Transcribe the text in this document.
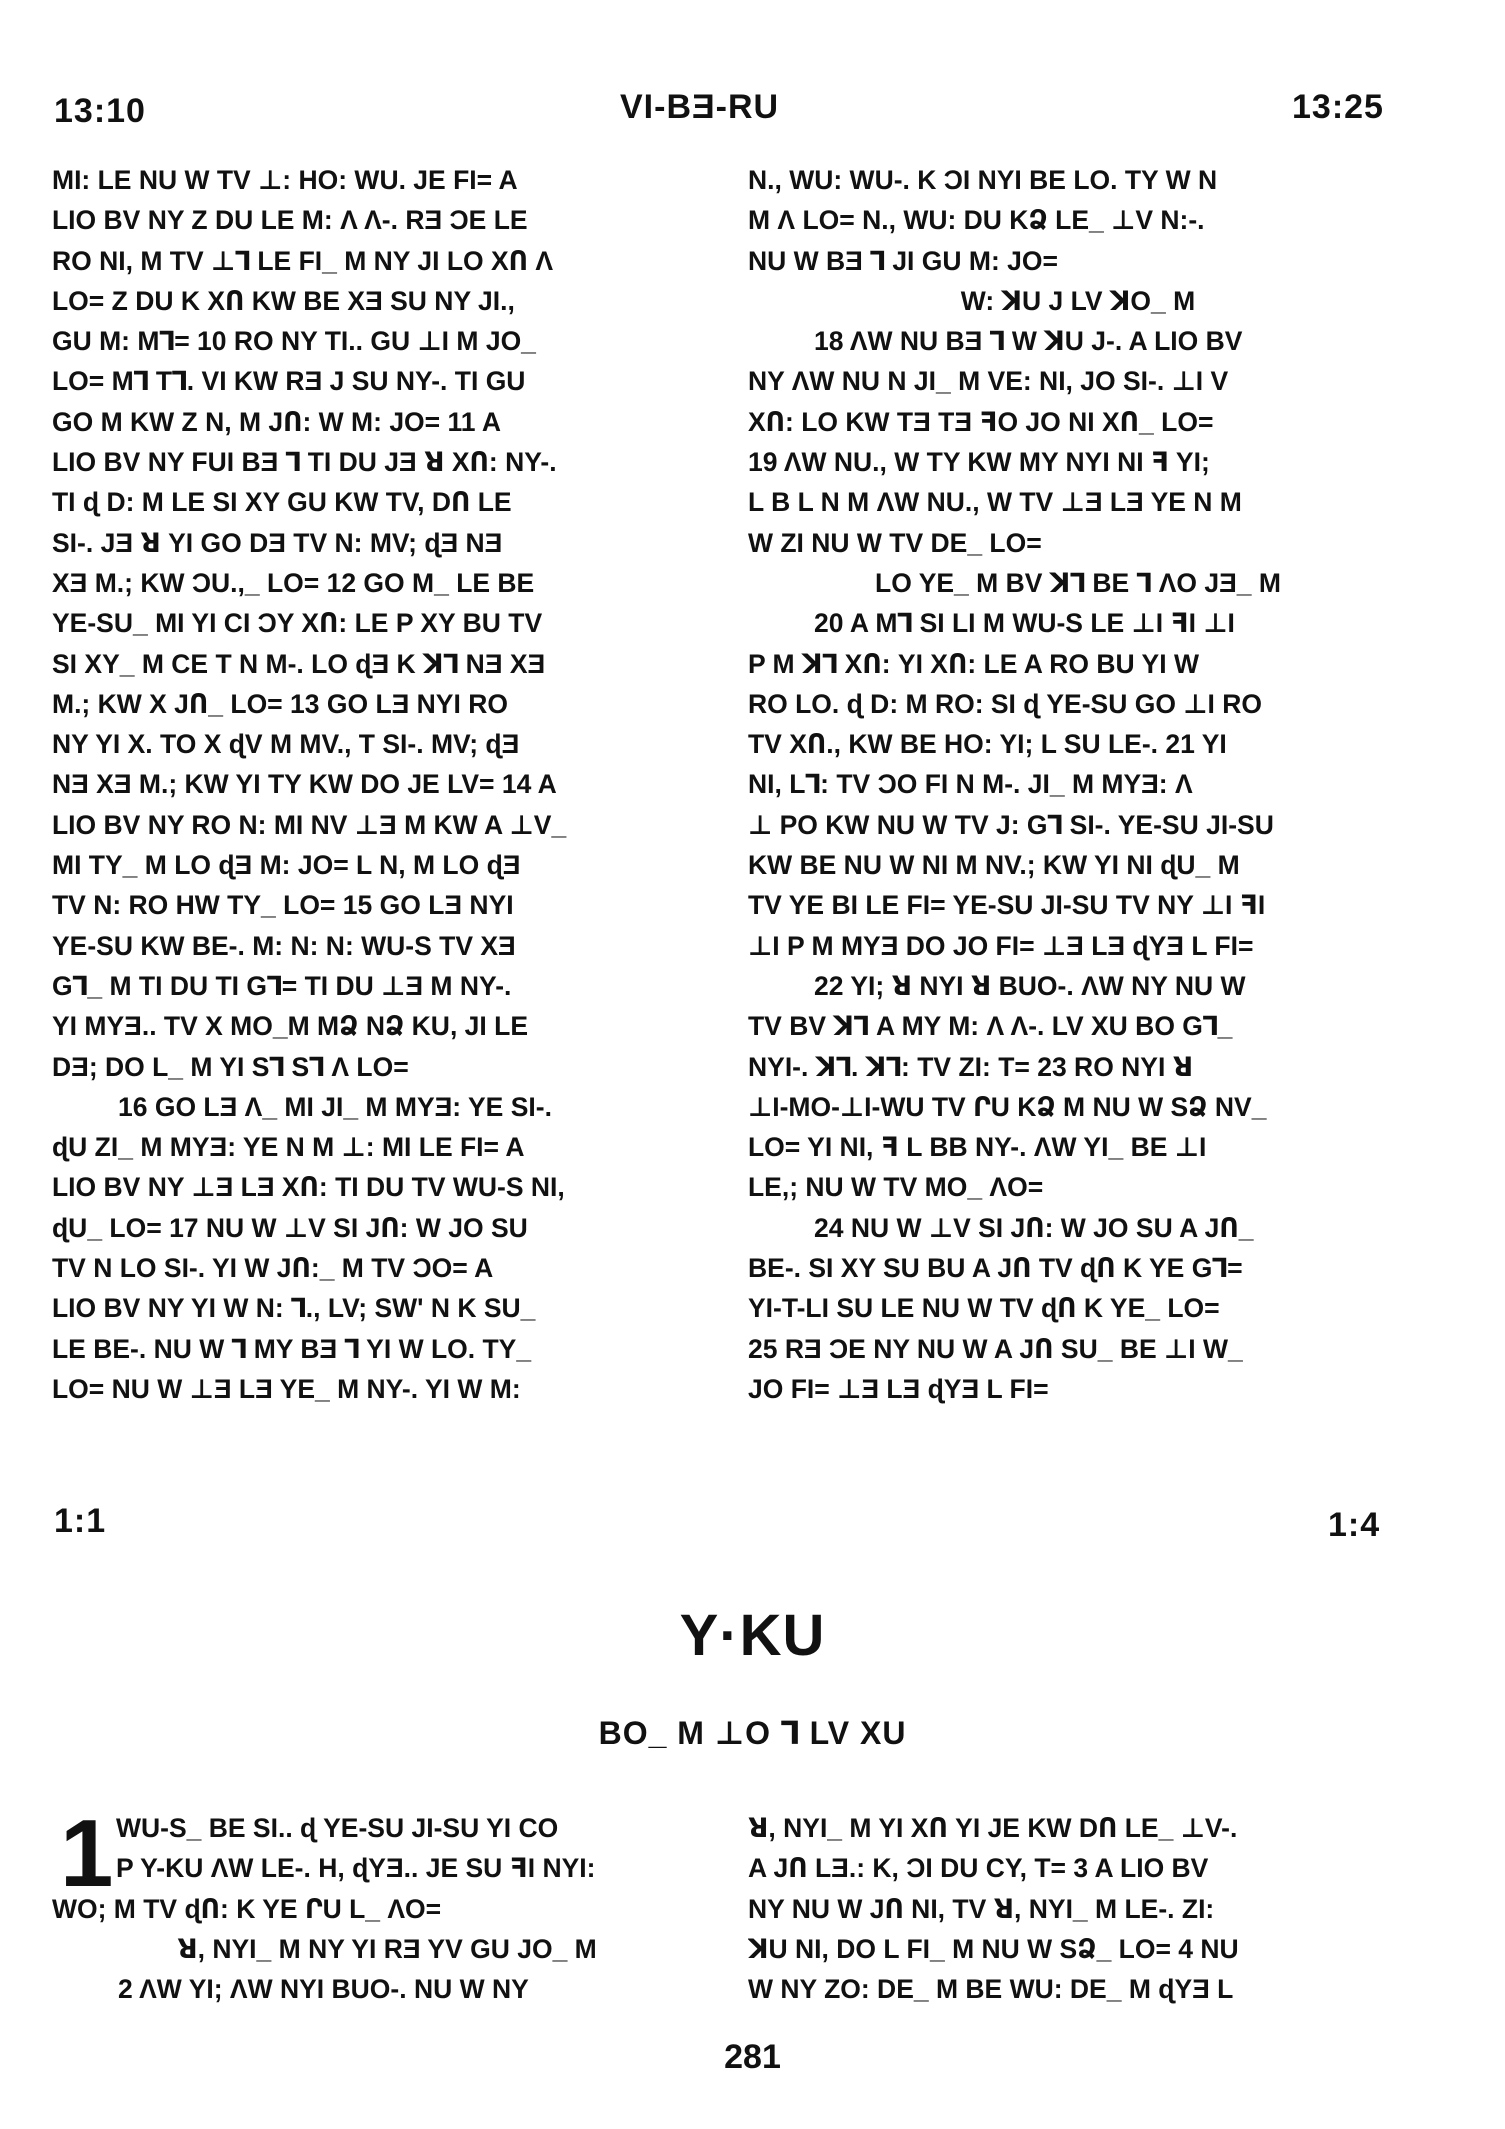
13:10	VI-BƎ-RU	13:25

MI: LE NU W TV ⊥: HO: WU. JE FI= A

LIO BV NY Z DU LE M: Λ Λ-. RƎ ƆE LE

RO NI, M TV ⊥⅂ LE FI_ M NY JI LO XՈ Λ

LO= Z DU K XՈ KW BE XƎ SU NY JI.,

GU M: M⅂= 10 RO NY TI.. GU ⊥I M JO_

LO= M⅂ T⅂. VI KW RƎ J SU NY-. TI GU

GO M KW Z N, M JՈ: W M: JO= 11 A

LIO BV NY FUI BƎ ⅂ TI DU JƎ ꓤ XՈ: NY-.

TI ɖ D: M LE SI XY GU KW TV, DՈ LE

SI-. JƎ ꓤ YI GO DƎ TV N: MV; ɖƎ NƎ

XƎ M.; KW ƆU.,_ LO= 12 GO M_ LE BE

YE-SU_ MI YI CI ƆY XՈ: LE P XY BU TV

SI XY_ M CE T N M-. LO ɖƎ K ꓘ⅂ NƎ XƎ

M.; KW X JՈ_ LO= 13 GO LƎ NYI RO

NY YI X. TO X ɖV M MV., T SI-. MV; ɖƎ

NƎ XƎ M.; KW YI TY KW DO JE LV= 14 A

LIO BV NY RO N: MI NV ⊥Ǝ M KW A ⊥V_

MI TY_ M LO ɖƎ M: JO= L N, M LO ɖƎ

TV N: RO HW TY_ LO= 15 GO LƎ NYI

YE-SU KW BE-. M: N: N: WU-S TV XƎ

G⅂_ M TI DU TI G⅂= TI DU ⊥Ǝ M NY-.

YI MYƎ.. TV X MO_M MՁ NՁ KU, JI LE

DƎ; DO L_ M YI S⅂ S⅂ Λ LO=

16 GO LƎ Λ_ MI JI_ M MYƎ: YE SI-.

ɖU ZI_ M MYƎ: YE N M ⊥: MI LE FI= A

LIO BV NY ⊥Ǝ LƎ XՈ: TI DU TV WU-S NI,

ɖU_ LO= 17 NU W ⊥V SI JՈ: W JO SU

TV N LO SI-. YI W JՈ:_ M TV ƆO= A

LIO BV NY YI W N: ⅂., LV; SW' N K SU_

LE BE-. NU W ⅂ MY BƎ ⅂ YI W LO. TY_

LO= NU W ⊥Ǝ LƎ YE_ M NY-. YI W M:

N., WU: WU-. K ƆI NYI BE LO. TY W N

M Λ LO= N., WU: DU KՁ LE_ ⊥V N:-.

NU W BƎ ⅂ JI GU M: JO=

W: ꓘU J LV ꓘO_ M

18 ΛW NU BƎ ⅂ W ꓘU J-. A LIO BV

NY ΛW NU N JI_ M VE: NI, JO SI-. ⊥I V

XՈ: LO KW TƎ TƎ ꟻO JO NI XՈ_ LO=

19 ΛW NU., W TY KW MY NYI NI ꟻ YI;

L B L N M ΛW NU., W TV ⊥Ǝ LƎ YE N M

W ZI NU W TV DE_ LO=

LO YE_ M BV ꓘ⅂ BE ⅂ ΛO JƎ_ M

20 A M⅂ SI LI M WU-S LE ⊥I ꟻI ⊥I

P M ꓘ⅂ XՈ: YI XՈ: LE A RO BU YI W

RO LO. ɖ D: M RO: SI ɖ YE-SU GO ⊥I RO

TV XՈ., KW BE HO: YI; L SU LE-. 21 YI

NI, L⅂: TV ƆO FI N M-. JI_ M MYƎ: Λ

⊥ PO KW NU W TV J: G⅂ SI-. YE-SU JI-SU

KW BE NU W NI M NV.; KW YI NI ɖU_ M

TV YE BI LE FI= YE-SU JI-SU TV NY ⊥I ꟻI

⊥I P M MYƎ DO JO FI= ⊥Ǝ LƎ ɖYƎ L FI=

22 YI; ꓤ NYI ꓤ BUO-. ΛW NY NU W

TV BV ꓘ⅂ A MY M: Λ Λ-. LV XU BO G⅂_

NYI-. ꓘ⅂. ꓘ⅂: TV ZI: T= 23 RO NYI ꓤ

⊥I-MO-⊥I-WU TV ՐU KՁ M NU W SՁ NV_

LO= YI NI, ꟻ L BB NY-. ΛW YI_ BE ⊥I

LE,; NU W TV MO_ ΛO=

24 NU W ⊥V SI JՈ: W JO SU A JՈ_

BE-. SI XY SU BU A JՈ TV ɖՈ K YE G⅂=

YI-T-LI SU LE NU W TV ɖՈ K YE_ LO=

25 RƎ ƆE NY NU W A JՈ SU_ BE ⊥I W_

JO FI= ⊥Ǝ LƎ ɖYƎ L FI=

1:1	1:4
Y·KU
BO_ M ⊥O ⅂ LV XU
1 WU-S_ BE SI.. ɖ YE-SU JI-SU YI CO

P Y-KU ΛW LE-. H, ɖYƎ.. JE SU ꟻI NYI:

WO; M TV ɖՈ: K YE ՐU L_ ΛO=

ꓤ, NYI_ M NY YI RƎ YV GU JO_ M

2 ΛW YI; ΛW NYI BUO-. NU W NY

ꓤ, NYI_ M YI XՈ YI JE KW DՈ LE_ ⊥V-.

A JՈ LƎ.: K, ƆI DU CY, T= 3 A LIO BV

NY NU W JՈ NI, TV ꓤ, NYI_ M LE-. ZI:

ꓘU NI, DO L FI_ M NU W SՁ_ LO= 4 NU

W NY ZO: DE_ M BE WU: DE_ M ɖYƎ L

281
